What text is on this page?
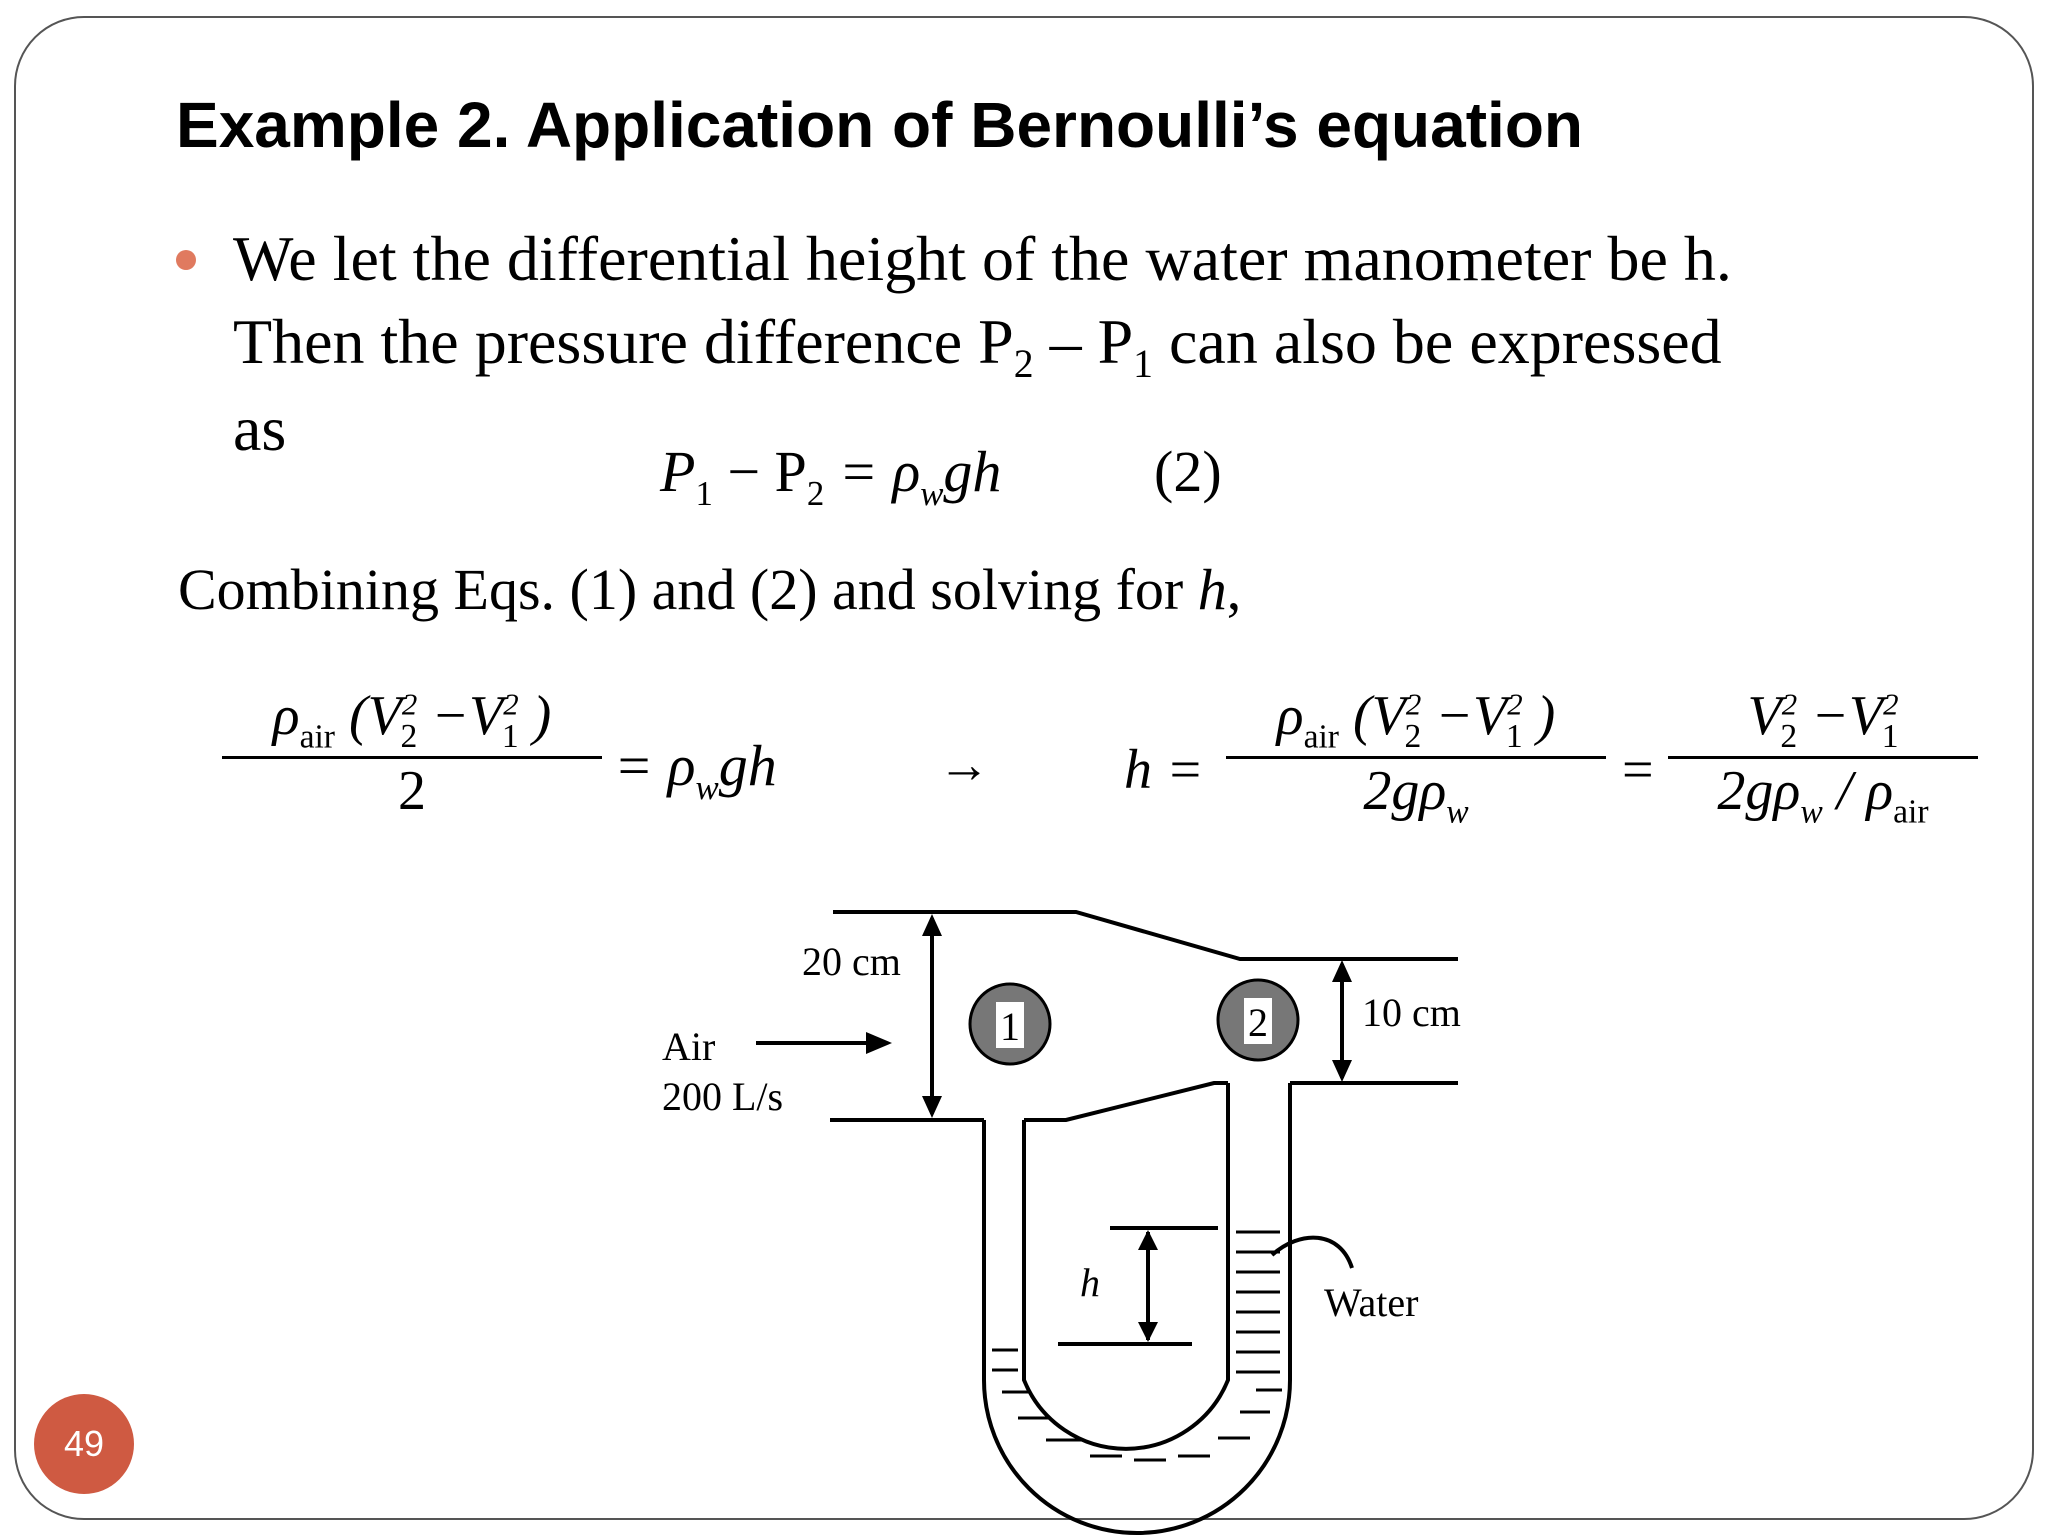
Example 2. Application of Bernoulli’s equation
We let the differential height of the water manometer be h.
Then the pressure difference $P_2 - P_1$ can also be expressed
as
$P_1 - P_2 = \rho_wgh$	(2)
Combining Eqs. (1) and (2) and solving for h,
$\rho_{air}$ ($V^2_2 -V^2_1$ )
2	= $\rho_wgh$	→ h =
$\rho_{air}$ ($V^2_2 -V^2_1$ )
$2g\rho_w$
=
$V^2_2 -V^2_1$
$2g\rho_w / \rho_{air}$
1	2
20 cm
10 cm
Air
200 L/s
h	Water
49
